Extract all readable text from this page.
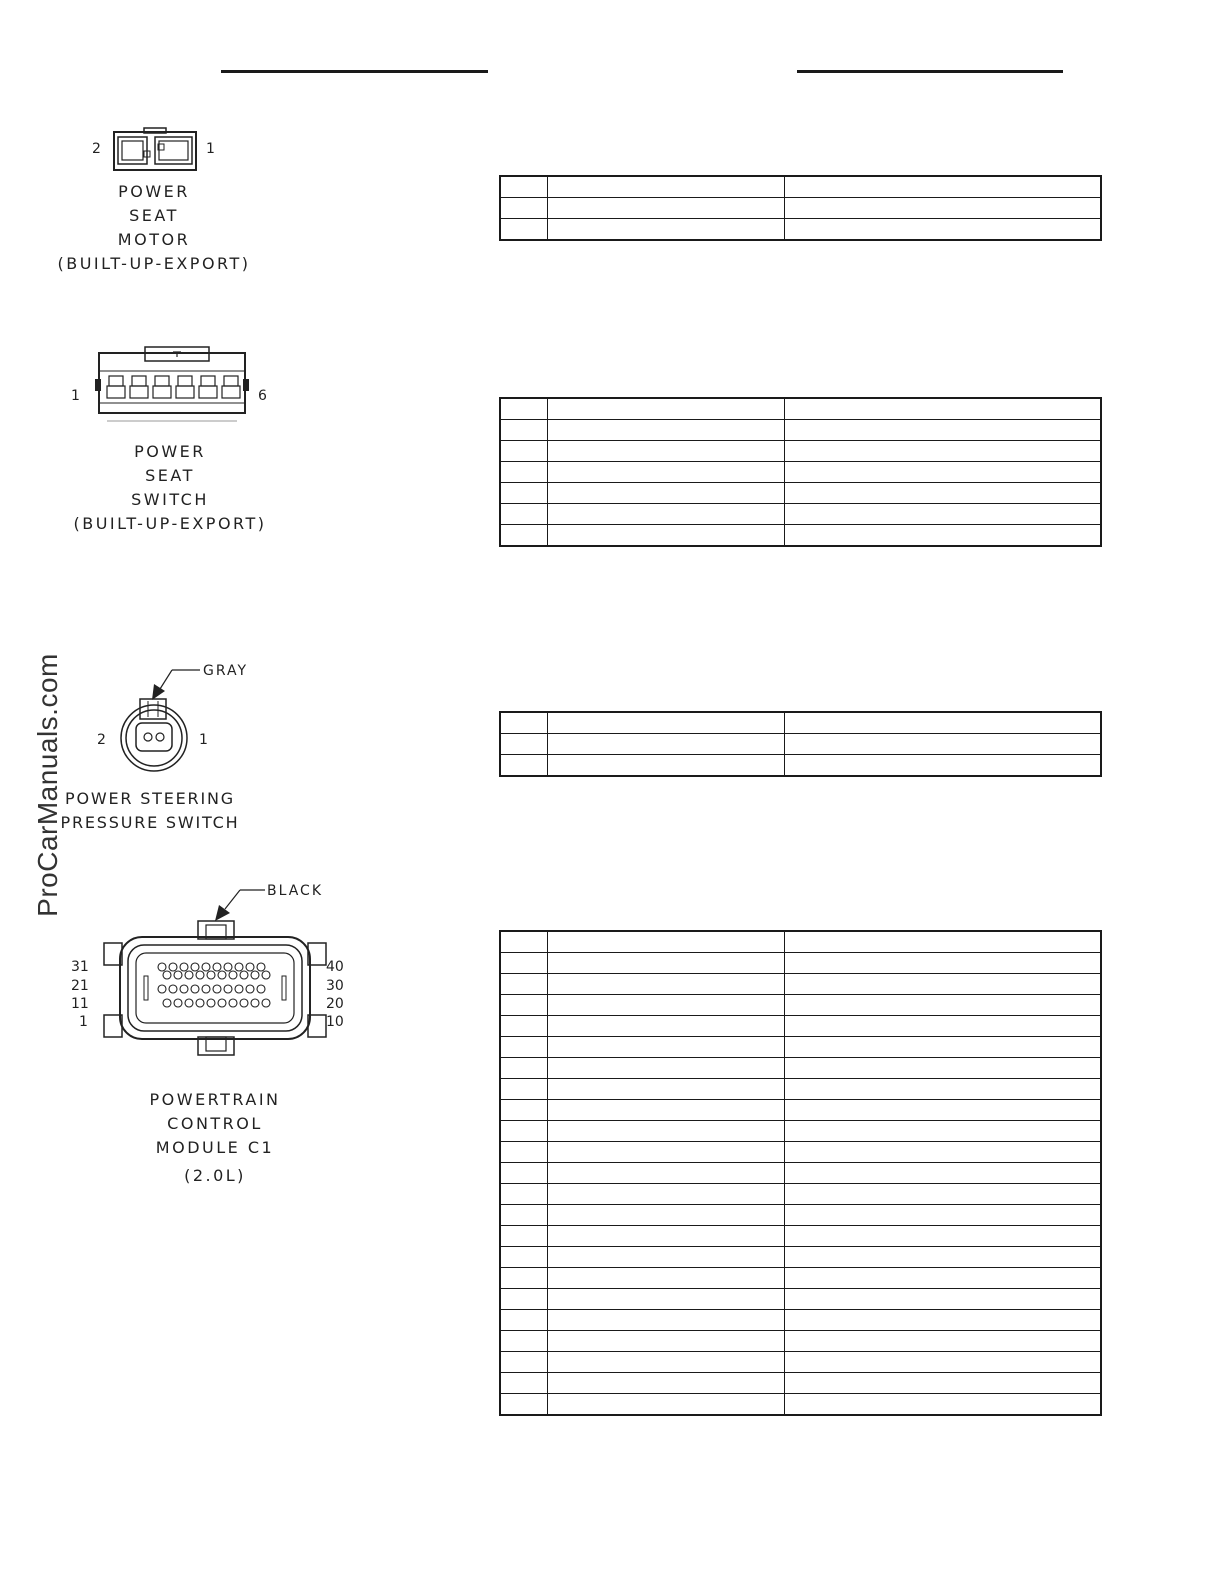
ProCarManuals.com
2	1
POWER
SEAT
MOTOR
(BUILT-UP-EXPORT)

1	6
POWER
SEAT
SWITCH
(BUILT-UP-EXPORT)

GRAY
2	1
POWER STEERING
PRESSURE SWITCH

BLACK
31
21
11
1
40
30
20
10
POWERTRAIN
CONTROL
MODULE C1
(2.0L)
